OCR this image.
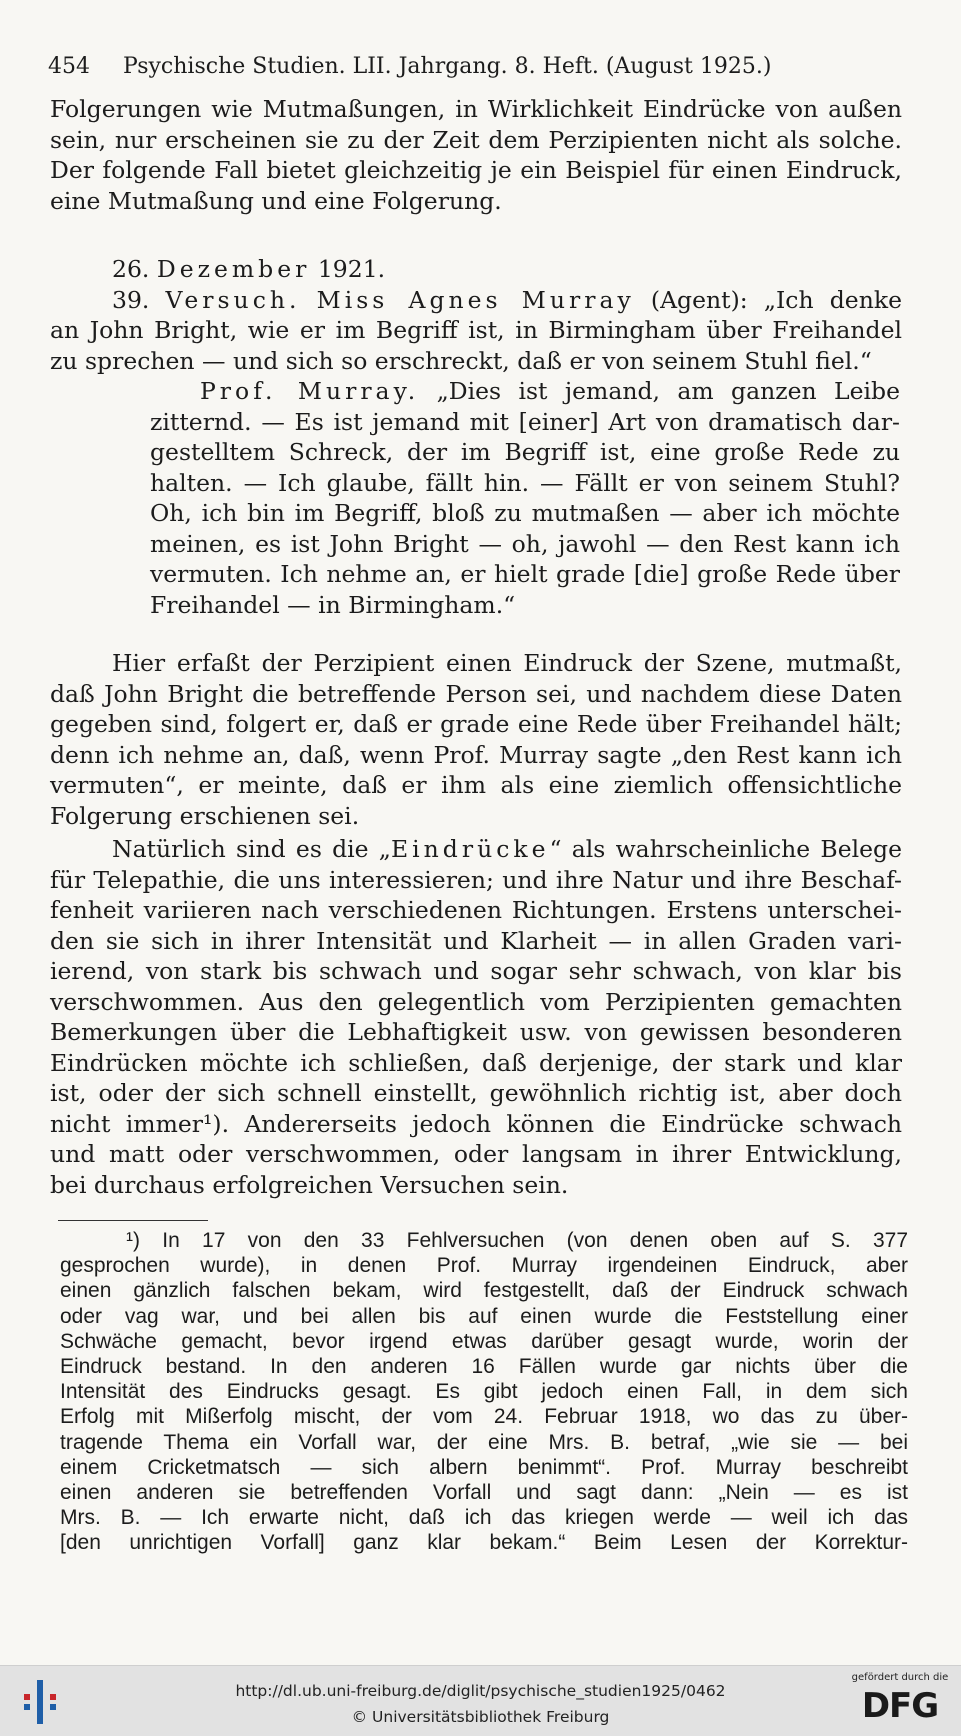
454 Psychische Studien. LII. Jahrgang. 8. Heft. (August 1925.)
Folgerungen wie Mutmaßungen, in Wirklichkeit Eindrücke von außen
sein, nur erscheinen sie zu der Zeit dem Perzipienten nicht als solche.
Der folgende Fall bietet gleichzeitig je ein Beispiel für einen Eindruck,
eine Mutmaßung und eine Folgerung.
26. Dezember 1921.
39. Versuch. Miss Agnes Murray (Agent): „Ich denke
an John Bright, wie er im Begriff ist, in Birmingham über Freihandel
zu sprechen — und sich so erschreckt, daß er von seinem Stuhl fiel.“
Prof. Murray. „Dies ist jemand, am ganzen Leibe
zitternd. — Es ist jemand mit [einer] Art von dramatisch dar-
gestelltem Schreck, der im Begriff ist, eine große Rede zu
halten. — Ich glaube, fällt hin. — Fällt er von seinem Stuhl?
Oh, ich bin im Begriff, bloß zu mutmaßen — aber ich möchte
meinen, es ist John Bright — oh, jawohl — den Rest kann ich
vermuten. Ich nehme an, er hielt grade [die] große Rede über
Freihandel — in Birmingham.“
Hier erfaßt der Perzipient einen Eindruck der Szene, mutmaßt,
daß John Bright die betreffende Person sei, und nachdem diese Daten
gegeben sind, folgert er, daß er grade eine Rede über Freihandel hält;
denn ich nehme an, daß, wenn Prof. Murray sagte „den Rest kann ich
vermuten“, er meinte, daß er ihm als eine ziemlich offensichtliche
Folgerung erschienen sei.
Natürlich sind es die „Eindrücke“ als wahrscheinliche Belege
für Telepathie, die uns interessieren; und ihre Natur und ihre Beschaf-
fenheit variieren nach verschiedenen Richtungen. Erstens unterschei-
den sie sich in ihrer Intensität und Klarheit — in allen Graden vari-
ierend, von stark bis schwach und sogar sehr schwach, von klar bis
verschwommen. Aus den gelegentlich vom Perzipienten gemachten
Bemerkungen über die Lebhaftigkeit usw. von gewissen besonderen
Eindrücken möchte ich schließen, daß derjenige, der stark und klar
ist, oder der sich schnell einstellt, gewöhnlich richtig ist, aber doch
nicht immer¹). Andererseits jedoch können die Eindrücke schwach
und matt oder verschwommen, oder langsam in ihrer Entwicklung,
bei durchaus erfolgreichen Versuchen sein.
¹) In 17 von den 33 Fehlversuchen (von denen oben auf S. 377
gesprochen wurde), in denen Prof. Murray irgendeinen Eindruck, aber
einen gänzlich falschen bekam, wird festgestellt, daß der Eindruck schwach
oder vag war, und bei allen bis auf einen wurde die Feststellung einer
Schwäche gemacht, bevor irgend etwas darüber gesagt wurde, worin der
Eindruck bestand. In den anderen 16 Fällen wurde gar nichts über die
Intensität des Eindrucks gesagt. Es gibt jedoch einen Fall, in dem sich
Erfolg mit Mißerfolg mischt, der vom 24. Februar 1918, wo das zu über-
tragende Thema ein Vorfall war, der eine Mrs. B. betraf, „wie sie — bei
einem Cricketmatsch — sich albern benimmt“. Prof. Murray beschreibt
einen anderen sie betreffenden Vorfall und sagt dann: „Nein — es ist
Mrs. B. — Ich erwarte nicht, daß ich das kriegen werde — weil ich das
[den unrichtigen Vorfall] ganz klar bekam.“ Beim Lesen der Korrektur-
http://dl.ub.uni-freiburg.de/diglit/psychische_studien1925/0462
© Universitätsbibliothek Freiburg
gefördert durch die
DFG
